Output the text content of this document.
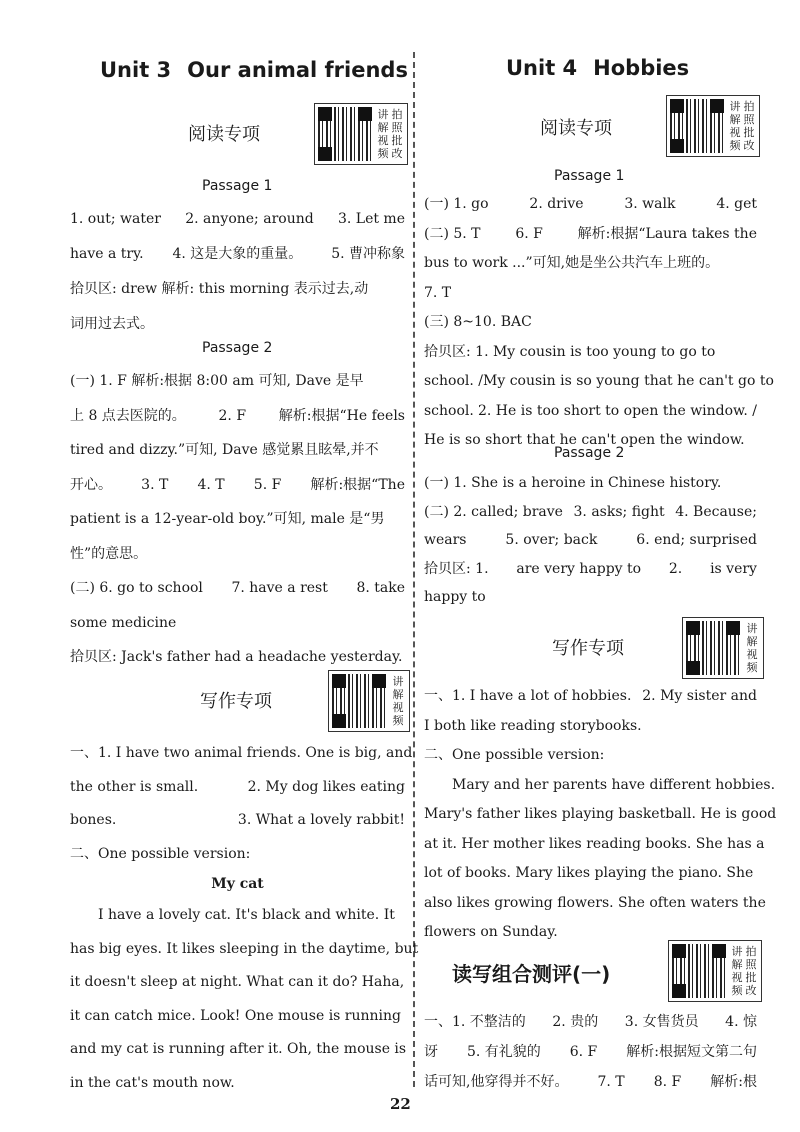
Unit 3 Our animal friends
阅读专项
讲 拍
解 照
视 批
频 改
Passage 1
1. out; water 2. anyone; around 3. Let me
have a try. 4. 这是大象的重量。 5. 曹冲称象
拾贝区: drew 解析: this morning 表示过去,动
词用过去式。
Passage 2
(一) 1. F 解析:根据 8:00 am 可知, Dave 是早
上 8 点去医院的。 2. F 解析:根据“He feels
tired and dizzy.”可知, Dave 感觉累且眩晕,并不
开心。 3. T 4. T 5. F 解析:根据“The
patient is a 12-year-old boy.”可知, male 是“男
性”的意思。
(二) 6. go to school 7. have a rest 8. take
some medicine
拾贝区: Jack's father had a headache yesterday.
写作专项
讲
解
视
频
一、1. I have two animal friends. One is big, and
the other is small.	2. My dog likes eating
bones.	3. What a lovely rabbit!
二、One possible version:
My cat
I have a lovely cat. It's black and white. It
has big eyes. It likes sleeping in the daytime, but
it doesn't sleep at night. What can it do? Haha,
it can catch mice. Look! One mouse is running
and my cat is running after it. Oh, the mouse is
in the cat's mouth now.
Unit 4 Hobbies
阅读专项
讲 拍
解 照
视 批
频 改
Passage 1
(一) 1. go	2. drive	3. walk	4. get
(二) 5. T 6. F 解析:根据“Laura takes the
bus to work ...”可知,她是坐公共汽车上班的。
7. T
(三) 8~10. BAC
拾贝区: 1. My cousin is too young to go to
school. /My cousin is so young that he can't go to
school. 2. He is too short to open the window. /
He is so short that he can't open the window.
Passage 2
(一) 1. She is a heroine in Chinese history.
(二) 2. called; brave 3. asks; fight 4. Because;
wears	5. over; back	6. end; surprised
拾贝区: 1. are very happy to 2. is very
happy to
写作专项
讲
解
视
频
一、1. I have a lot of hobbies. 2. My sister and
I both like reading storybooks.
二、One possible version:
Mary and her parents have different hobbies.
Mary's father likes playing basketball. He is good
at it. Her mother likes reading books. She has a
lot of books. Mary likes playing the piano. She
also likes growing flowers. She often waters the
flowers on Sunday.
读写组合测评(一)
讲 拍
解 照
视 批
频 改
一、1. 不整洁的 2. 贵的 3. 女售货员 4. 惊
讶 5. 有礼貌的 6. F 解析:根据短文第二句
话可知,他穿得并不好。 7. T 8. F 解析:根
22
